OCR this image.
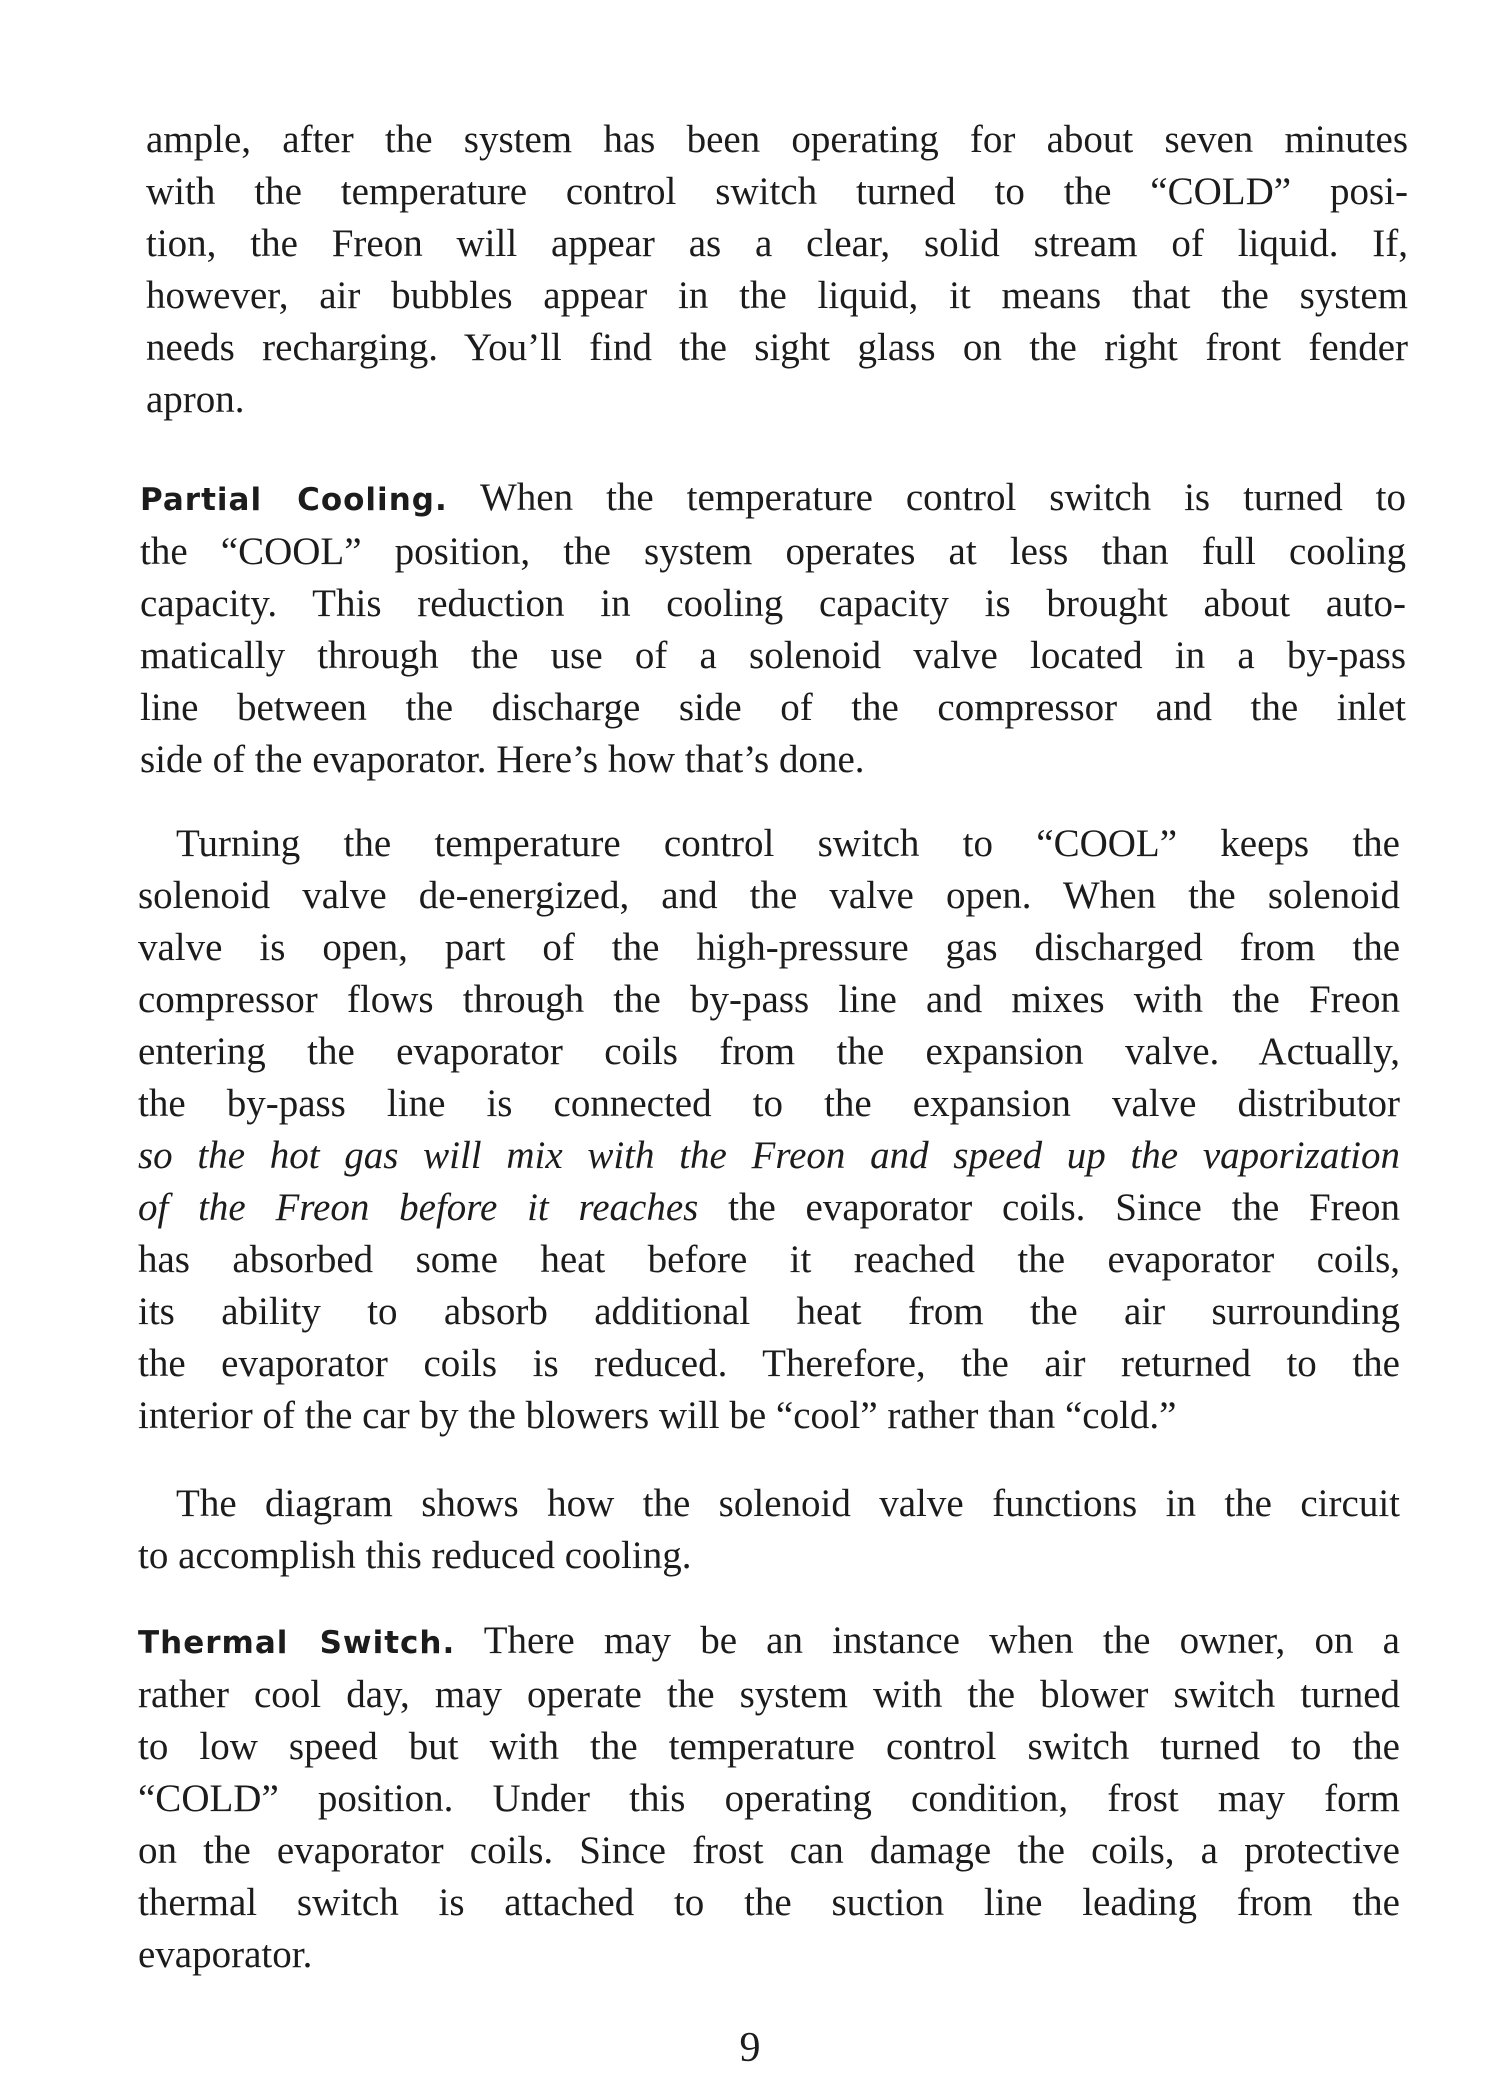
ample, after the system has been operating for about seven minutes
with the temperature control switch turned to the “COLD” posi-
tion, the Freon will appear as a clear, solid stream of liquid. If,
however, air bubbles appear in the liquid, it means that the system
needs recharging. You’ll find the sight glass on the right front fender
apron.

Partial Cooling. When the temperature control switch is turned to
the “COOL” position, the system operates at less than full cooling
capacity. This reduction in cooling capacity is brought about auto-
matically through the use of a solenoid valve located in a by-pass
line between the discharge side of the compressor and the inlet
side of the evaporator. Here’s how that’s done.

Turning the temperature control switch to “COOL” keeps the
solenoid valve de-energized, and the valve open. When the solenoid
valve is open, part of the high-pressure gas discharged from the
compressor flows through the by-pass line and mixes with the Freon
entering the evaporator coils from the expansion valve. Actually,
the by-pass line is connected to the expansion valve distributor
so the hot gas will mix with the Freon and speed up the vaporization
of the Freon before it reaches the evaporator coils. Since the Freon
has absorbed some heat before it reached the evaporator coils,
its ability to absorb additional heat from the air surrounding
the evaporator coils is reduced. Therefore, the air returned to the
interior of the car by the blowers will be “cool” rather than “cold.”

The diagram shows how the solenoid valve functions in the circuit
to accomplish this reduced cooling.

Thermal Switch. There may be an instance when the owner, on a
rather cool day, may operate the system with the blower switch turned
to low speed but with the temperature control switch turned to the
“COLD” position. Under this operating condition, frost may form
on the evaporator coils. Since frost can damage the coils, a protective
thermal switch is attached to the suction line leading from the
evaporator.

9
